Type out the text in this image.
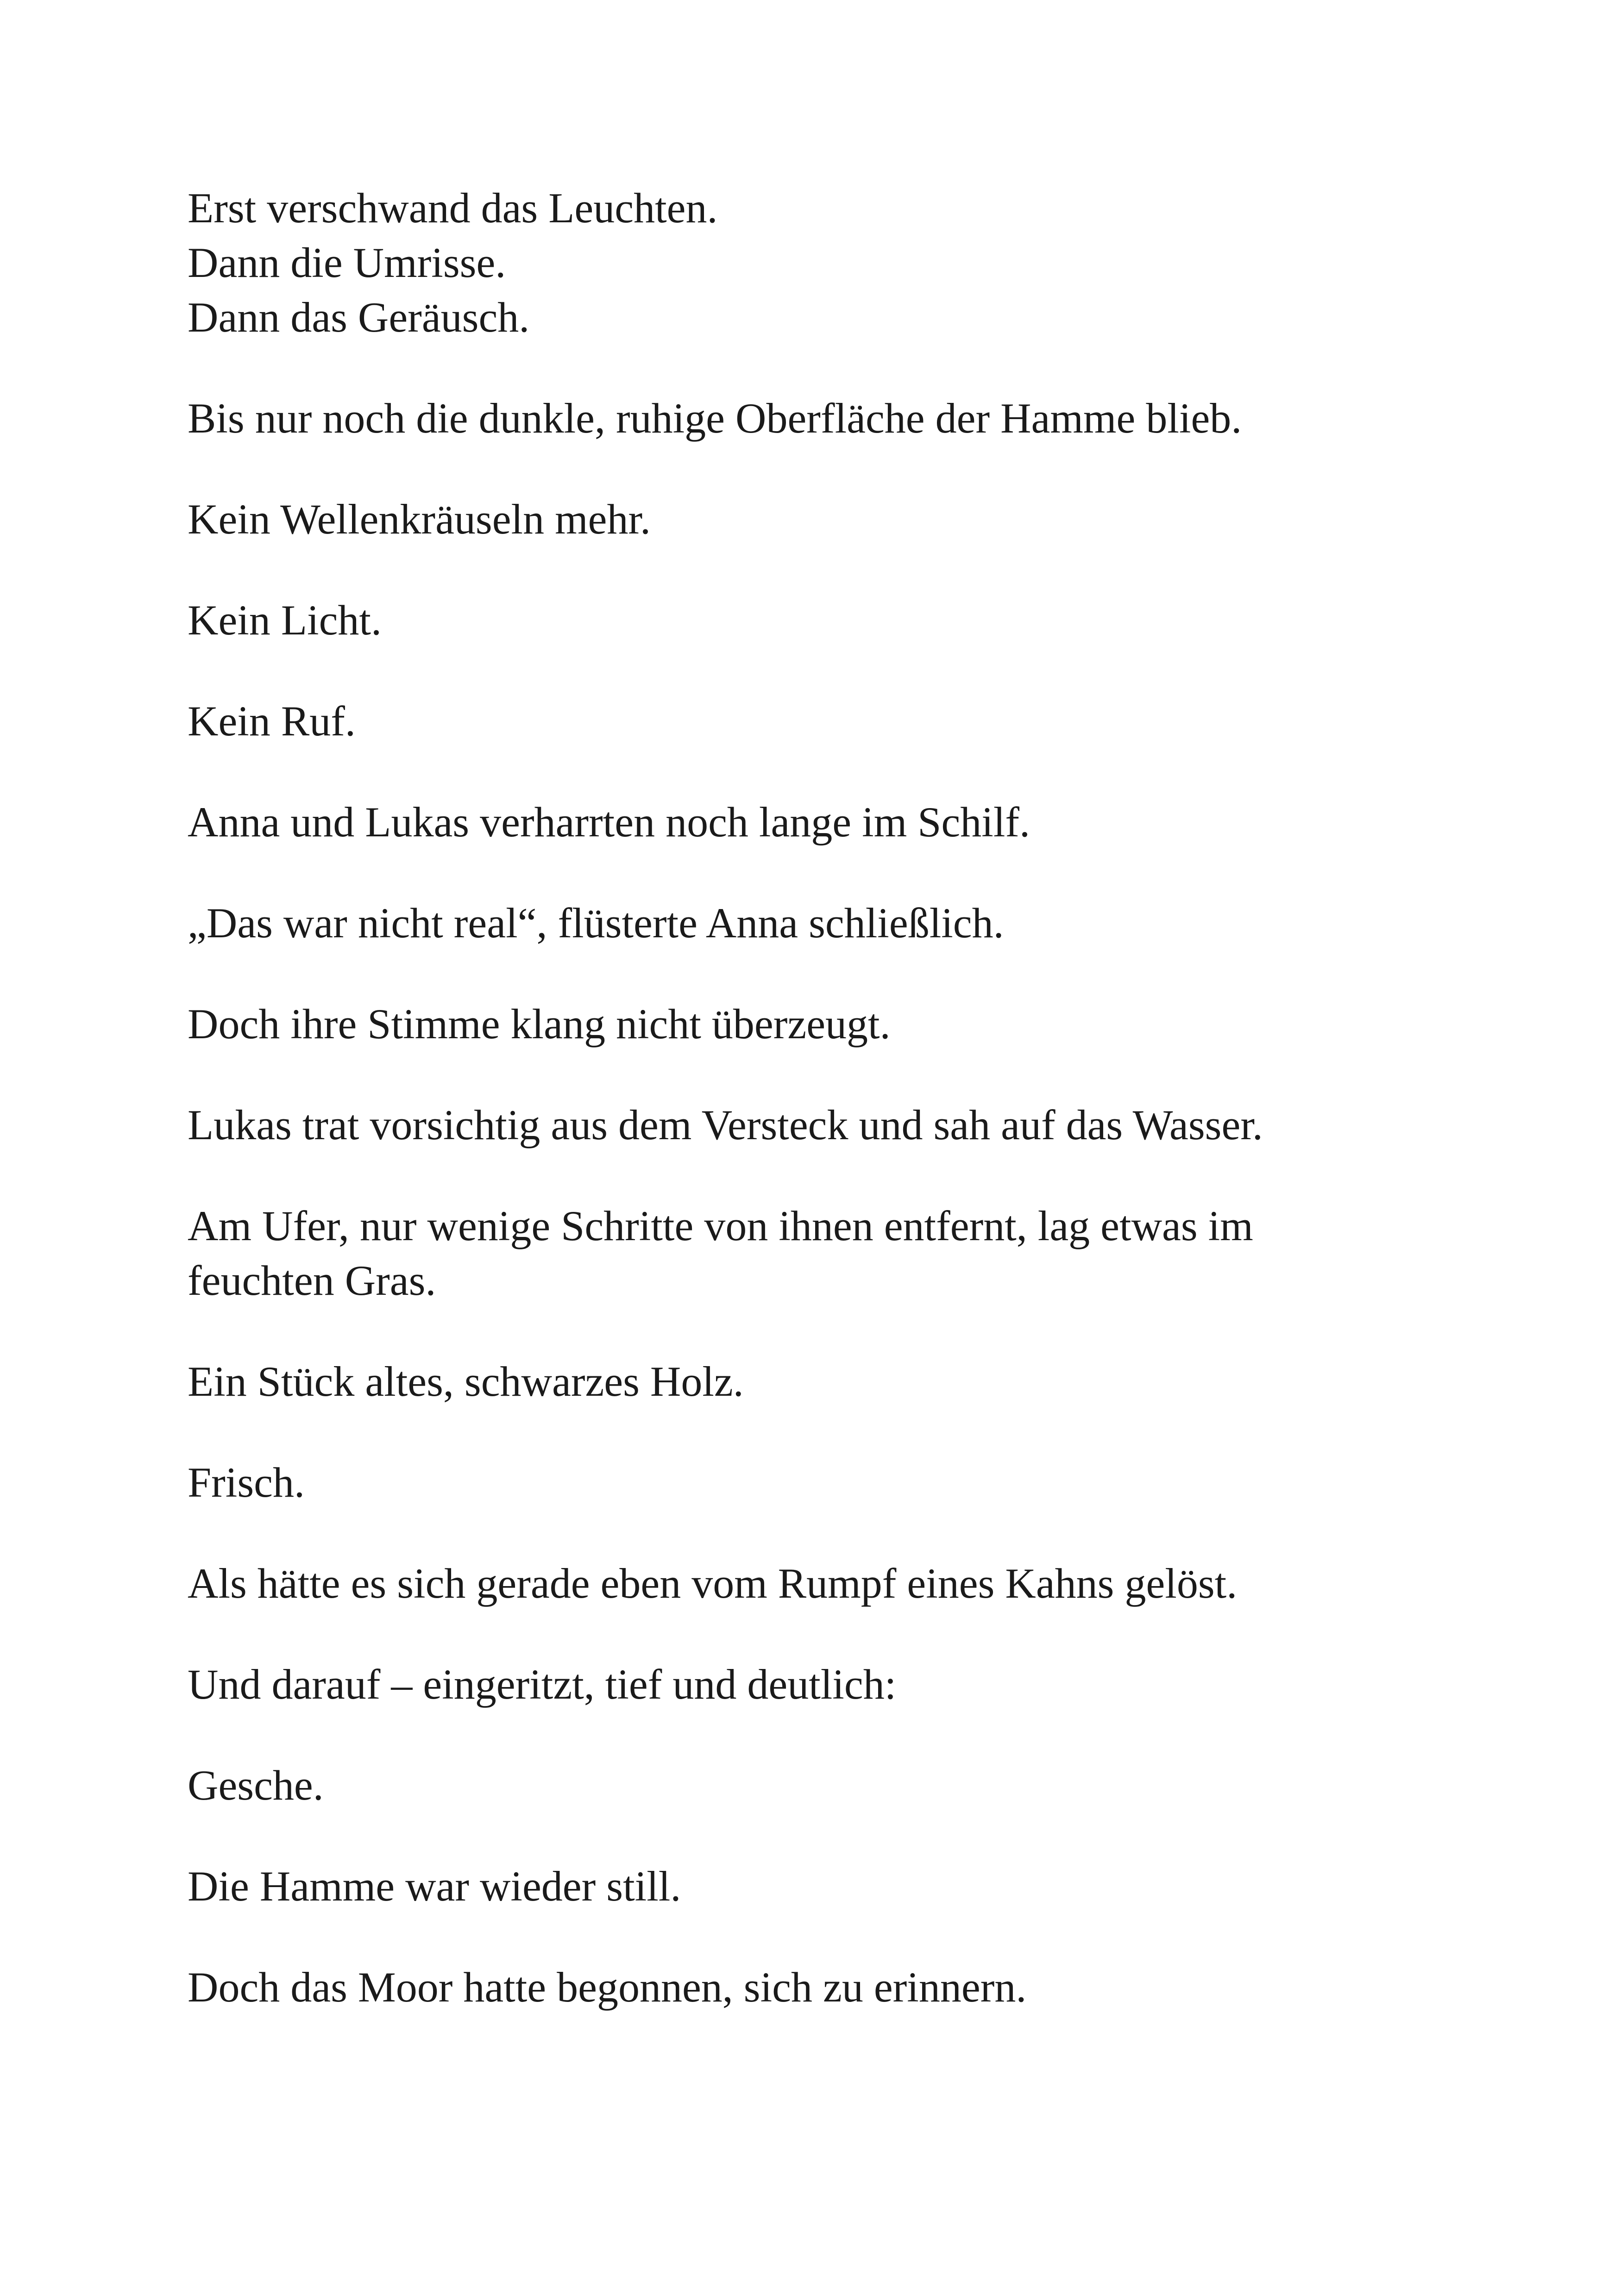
Erst verschwand das Leuchten.
Dann die Umrisse.
Dann das Geräusch.

Bis nur noch die dunkle, ruhige Oberfläche der Hamme blieb.

Kein Wellenkräuseln mehr.

Kein Licht.

Kein Ruf.

Anna und Lukas verharrten noch lange im Schilf.

„Das war nicht real“, flüsterte Anna schließlich.

Doch ihre Stimme klang nicht überzeugt.

Lukas trat vorsichtig aus dem Versteck und sah auf das Wasser.

Am Ufer, nur wenige Schritte von ihnen entfernt, lag etwas im
feuchten Gras.

Ein Stück altes, schwarzes Holz.

Frisch.

Als hätte es sich gerade eben vom Rumpf eines Kahns gelöst.

Und darauf – eingeritzt, tief und deutlich:

Gesche.

Die Hamme war wieder still.

Doch das Moor hatte begonnen, sich zu erinnern.
